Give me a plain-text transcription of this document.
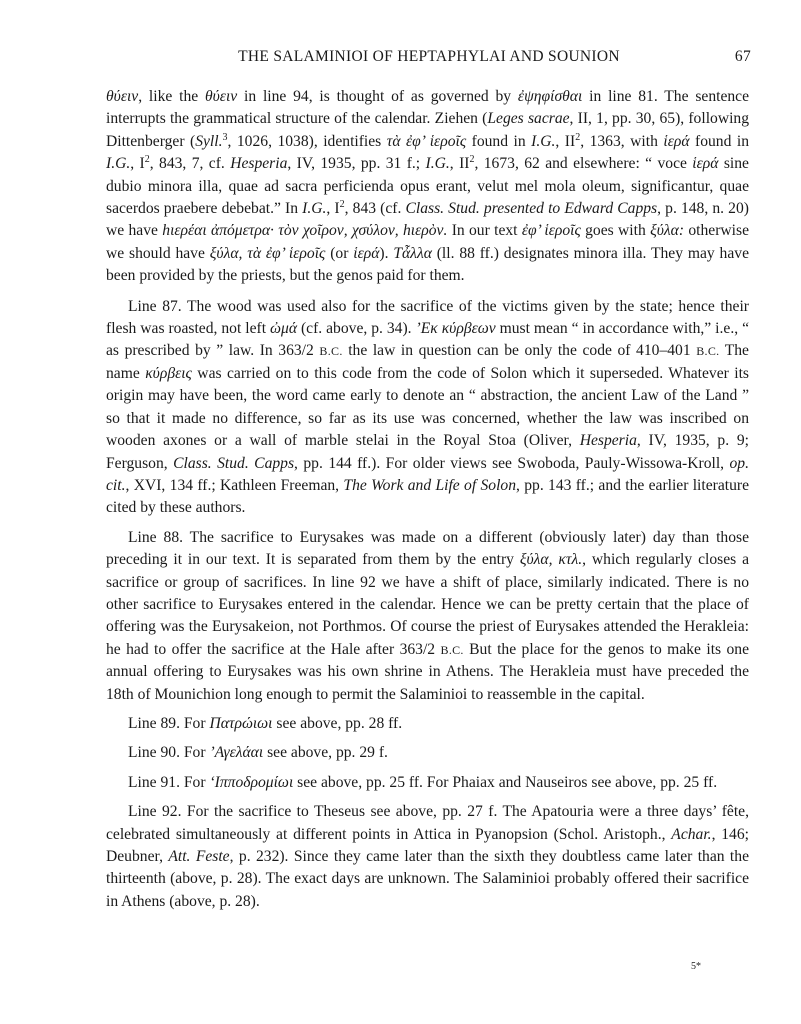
THE SALAMINIOI OF HEPTAPHYLAI AND SOUNION	67

θύειν, like the θύειν in line 94, is thought of as governed by ἐψηφίσθαι in line 81. The sentence interrupts the grammatical structure of the calendar. Ziehen (Leges sacrae, II, 1, pp. 30, 65), following Dittenberger (Syll.$^3$, 1026, 1038), identifies τὰ ἐφ’ ἱεροῖς found in I.G., $II^2$, 1363, with ἱερά found in I.G., $I^2$, 843, 7, cf. Hesperia, IV, 1935, pp. 31 f.; I.G., $II^2$, 1673, 62 and elsewhere: “ voce ἱερά sine dubio minora illa, quae ad sacra perficienda opus erant, velut mel mola oleum, significantur, quae sacerdos praebere debebat.” In I.G., $I^2$, 843 (cf. Class. Stud. presented to Edward Capps, p. 148, n. 20) we have hιερέαι ἀπόμετρα· τὸν χοῖρον, χσύλον, hιερὸν. In our text ἐφ’ ἱεροῖς goes with ξύλα: otherwise we should have ξύλα, τὰ ἐφ’ ἱεροῖς (or ἱερά). Τἆλλα (ll. 88 ff.) designates minora illa. They may have been provided by the priests, but the genos paid for them.

Line 87. The wood was used also for the sacrifice of the victims given by the state; hence their flesh was roasted, not left ὠμά (cf. above, p. 34). ’Εκ κύρβεων must mean “ in accordance with,” i.e., “ as prescribed by ” law. In 363/2 B.C. the law in question can be only the code of 410–401 B.C. The name κύρβεις was carried on to this code from the code of Solon which it superseded. Whatever its origin may have been, the word came early to denote an “ abstraction, the ancient Law of the Land ” so that it made no difference, so far as its use was concerned, whether the law was inscribed on wooden axones or a wall of marble stelai in the Royal Stoa (Oliver, Hesperia, IV, 1935, p. 9; Ferguson, Class. Stud. Capps, pp. 144 ff.). For older views see Swoboda, Pauly-Wissowa-Kroll, op. cit., XVI, 134 ff.; Kathleen Freeman, The Work and Life of Solon, pp. 143 ff.; and the earlier literature cited by these authors.

Line 88. The sacrifice to Eurysakes was made on a different (obviously later) day than those preceding it in our text. It is separated from them by the entry ξύλα, κτλ., which regularly closes a sacrifice or group of sacrifices. In line 92 we have a shift of place, similarly indicated. There is no other sacrifice to Eurysakes entered in the calendar. Hence we can be pretty certain that the place of offering was the Eurysakeion, not Porthmos. Of course the priest of Eurysakes attended the Herakleia: he had to offer the sacrifice at the Hale after 363/2 B.C. But the place for the genos to make its one annual offering to Eurysakes was his own shrine in Athens. The Herakleia must have preceded the 18th of Mounichion long enough to permit the Salaminioi to reassemble in the capital.

Line 89. For Πατρώιωι see above, pp. 28 ff.

Line 90. For ’Αγελάαι see above, pp. 29 f.

Line 91. For ‘Ιπποδρομίωι see above, pp. 25 ff. For Phaiax and Nauseiros see above, pp. 25 ff.

Line 92. For the sacrifice to Theseus see above, pp. 27 f. The Apatouria were a three days’ fête, celebrated simultaneously at different points in Attica in Pyanopsion (Schol. Aristoph., Achar., 146; Deubner, Att. Feste, p. 232). Since they came later than the sixth they doubtless came later than the thirteenth (above, p. 28). The exact days are unknown. The Salaminioi probably offered their sacrifice in Athens (above, p. 28).

5*
